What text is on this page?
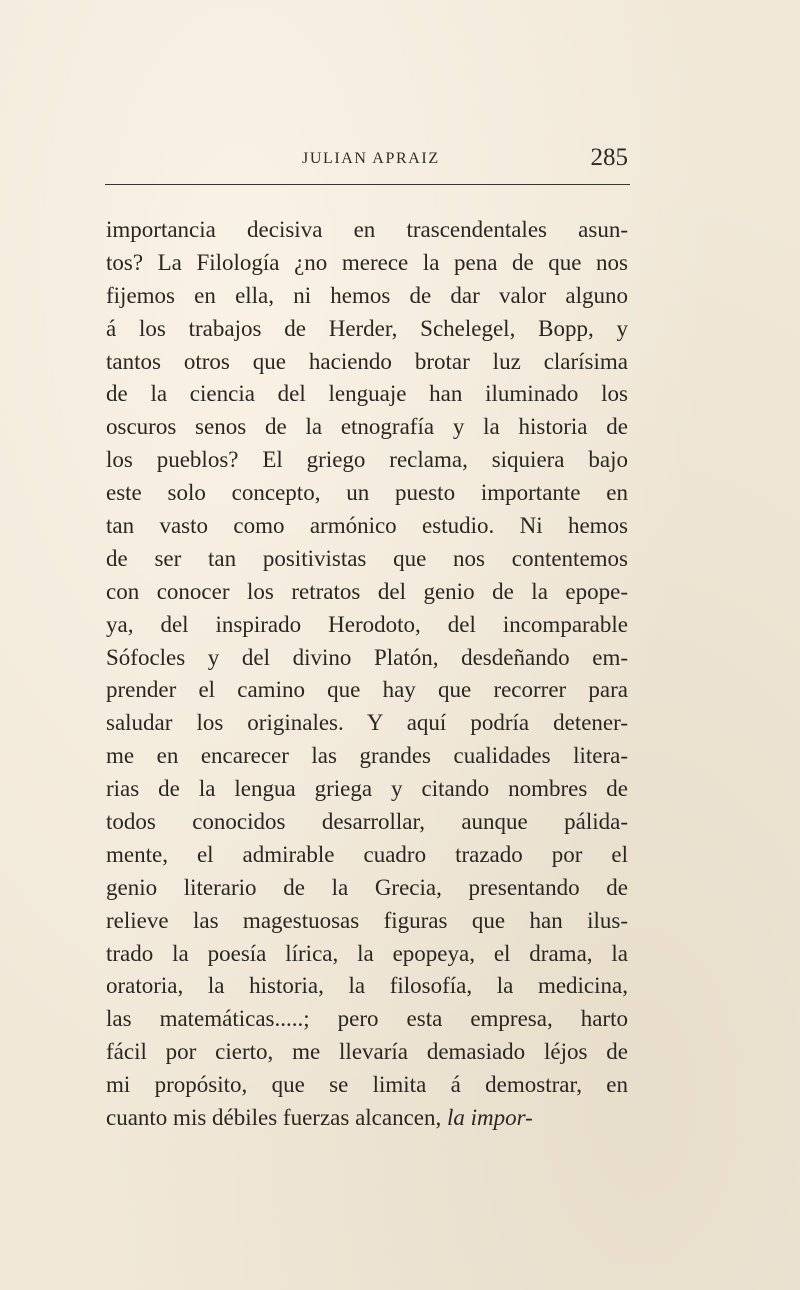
JULIAN APRAIZ	285
importancia decisiva en trascendentales asun-
tos? La Filología ¿no merece la pena de que nos
fijemos en ella, ni hemos de dar valor alguno
á los trabajos de Herder, Schelegel, Bopp, y
tantos otros que haciendo brotar luz clarísima
de la ciencia del lenguaje han iluminado los
oscuros senos de la etnografía y la historia de
los pueblos? El griego reclama, siquiera bajo
este solo concepto, un puesto importante en
tan vasto como armónico estudio. Ni hemos
de ser tan positivistas que nos contentemos
con conocer los retratos del genio de la epope-
ya, del inspirado Herodoto, del incomparable
Sófocles y del divino Platón, desdeñando em-
prender el camino que hay que recorrer para
saludar los originales. Y aquí podría detener-
me en encarecer las grandes cualidades litera-
rias de la lengua griega y citando nombres de
todos conocidos desarrollar, aunque pálida-
mente, el admirable cuadro trazado por el
genio literario de la Grecia, presentando de
relieve las magestuosas figuras que han ilus-
trado la poesía lírica, la epopeya, el drama, la
oratoria, la historia, la filosofía, la medicina,
las matemáticas.....; pero esta empresa, harto
fácil por cierto, me llevaría demasiado léjos de
mi propósito, que se limita á demostrar, en
cuanto mis débiles fuerzas alcancen, la impor-
